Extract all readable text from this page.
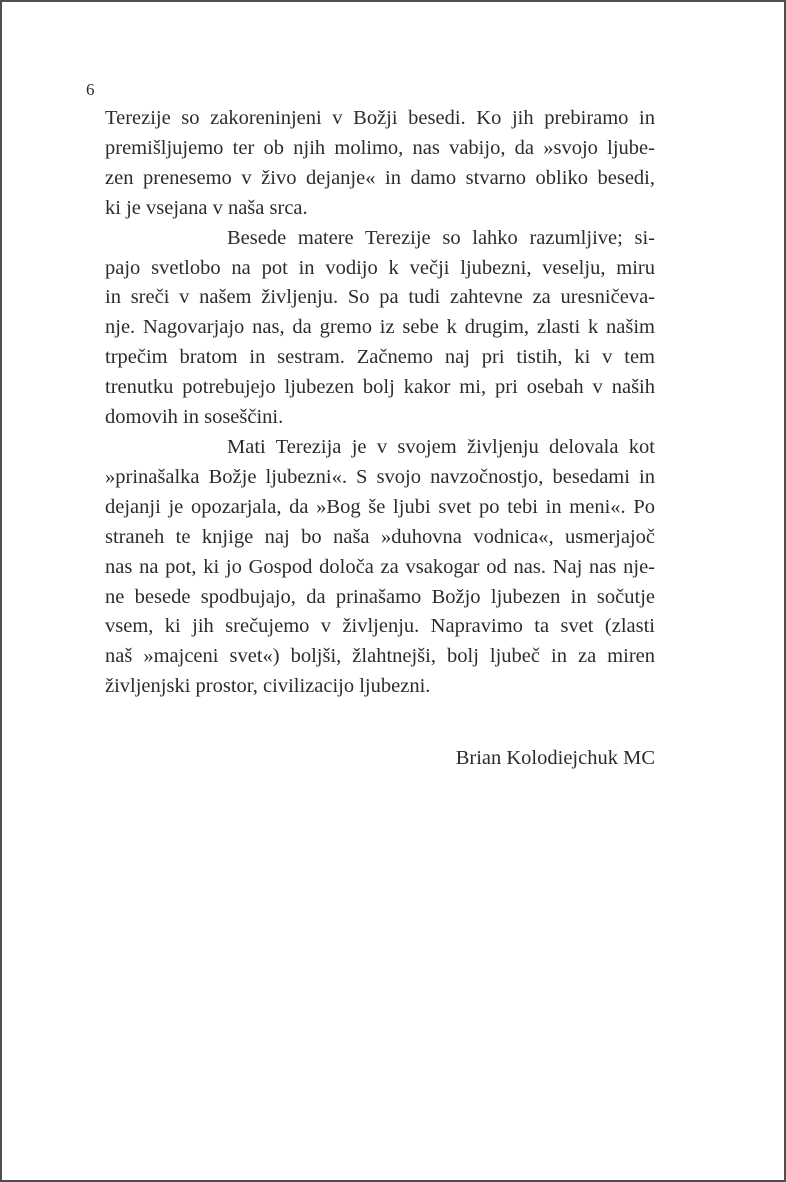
6
Terezije so zakoreninjeni v Božji besedi. Ko jih prebiramo in
premišljujemo ter ob njih molimo, nas vabijo, da »svojo ljube-
zen prenesemo v živo dejanje« in damo stvarno obliko besedi,
ki je vsejana v naša srca.
Besede matere Terezije so lahko razumljive; si-
pajo svetlobo na pot in vodijo k večji ljubezni, veselju, miru
in sreči v našem življenju. So pa tudi zahtevne za uresničeva-
nje. Nagovarjajo nas, da gremo iz sebe k drugim, zlasti k našim
trpečim bratom in sestram. Začnemo naj pri tistih, ki v tem
trenutku potrebujejo ljubezen bolj kakor mi, pri osebah v naših
domovih in soseščini.
Mati Terezija je v svojem življenju delovala kot
»prinašalka Božje ljubezni«. S svojo navzočnostjo, besedami in
dejanji je opozarjala, da »Bog še ljubi svet po tebi in meni«. Po
straneh te knjige naj bo naša »duhovna vodnica«, usmerjajoč
nas na pot, ki jo Gospod določa za vsakogar od nas. Naj nas nje-
ne besede spodbujajo, da prinašamo Božjo ljubezen in sočutje
vsem, ki jih srečujemo v življenju. Napravimo ta svet (zlasti
naš »majceni svet«) boljši, žlahtnejši, bolj ljubeč in za miren
življenjski prostor, civilizacijo ljubezni.
Brian Kolodiejchuk MC
